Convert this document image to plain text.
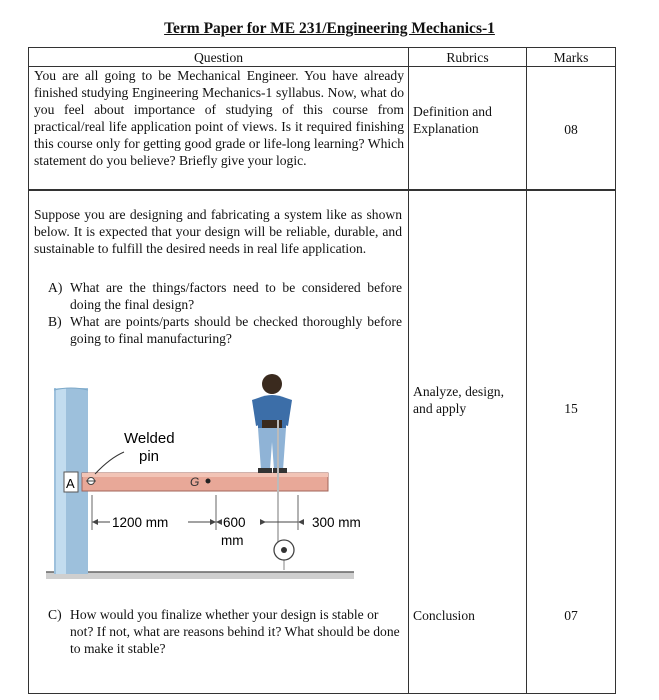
Term Paper for ME 231/Engineering Mechanics-1
Question	Rubrics	Marks
You are all going to be Mechanical Engineer. You have already finished studying Engineering Mechanics-1 syllabus. Now, what do you feel about importance of studying of this course from practical/real life application point of views. Is it required finishing this course only for getting good grade or life-long learning? Which statement do you believe? Briefly give your logic.
Definition and
Explanation	08
Suppose you are designing and fabricating a system like as shown below. It is expected that your design will be reliable, durable, and sustainable to fulfill the desired needs in real life application.
A) What are the things/factors need to be considered before doing the final design?
B) What are points/parts should be checked thoroughly before going to final manufacturing?
Analyze, design,
and apply	15
A	G
Welded
pin
1200 mm	600
mm
300 mm
C) How would you finalize whether your design is stable or not? If not, what are reasons behind it? What should be done to make it stable?
Conclusion	07
